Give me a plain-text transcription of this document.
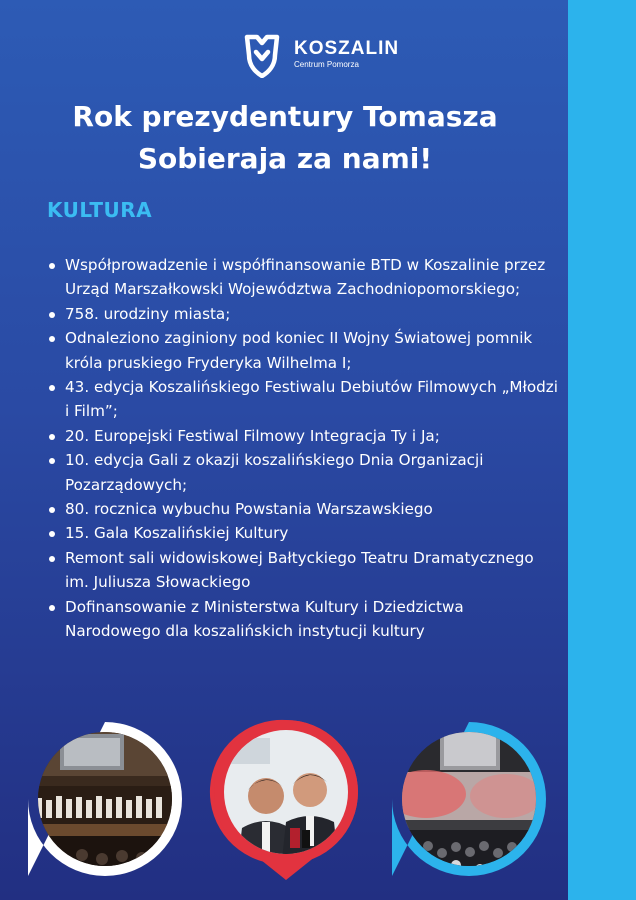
KOSZALIN
Centrum Pomorza
Rok prezydentury Tomasza Sobieraja za nami!
KULTURA
Współprowadzenie i współfinansowanie BTD w Koszalinie przez Urząd Marszałkowski Województwa Zachodniopomorskiego;
758. urodziny miasta;
Odnaleziono zaginiony pod koniec II Wojny Światowej pomnik króla pruskiego Fryderyka Wilhelma I;
43. edycja Koszalińskiego Festiwalu Debiutów Filmowych „Młodzi i Film”;
20. Europejski Festiwal Filmowy Integracja Ty i Ja;
10. edycja Gali z okazji koszalińskiego Dnia Organizacji Pozarządowych;
80. rocznica wybuchu Powstania Warszawskiego
15. Gala Koszalińskiej Kultury
Remont sali widowiskowej Bałtyckiego Teatru Dramatycznego im. Juliusza Słowackiego
Dofinansowanie z Ministerstwa Kultury i Dziedzictwa Narodowego dla koszalińskich instytucji kultury
